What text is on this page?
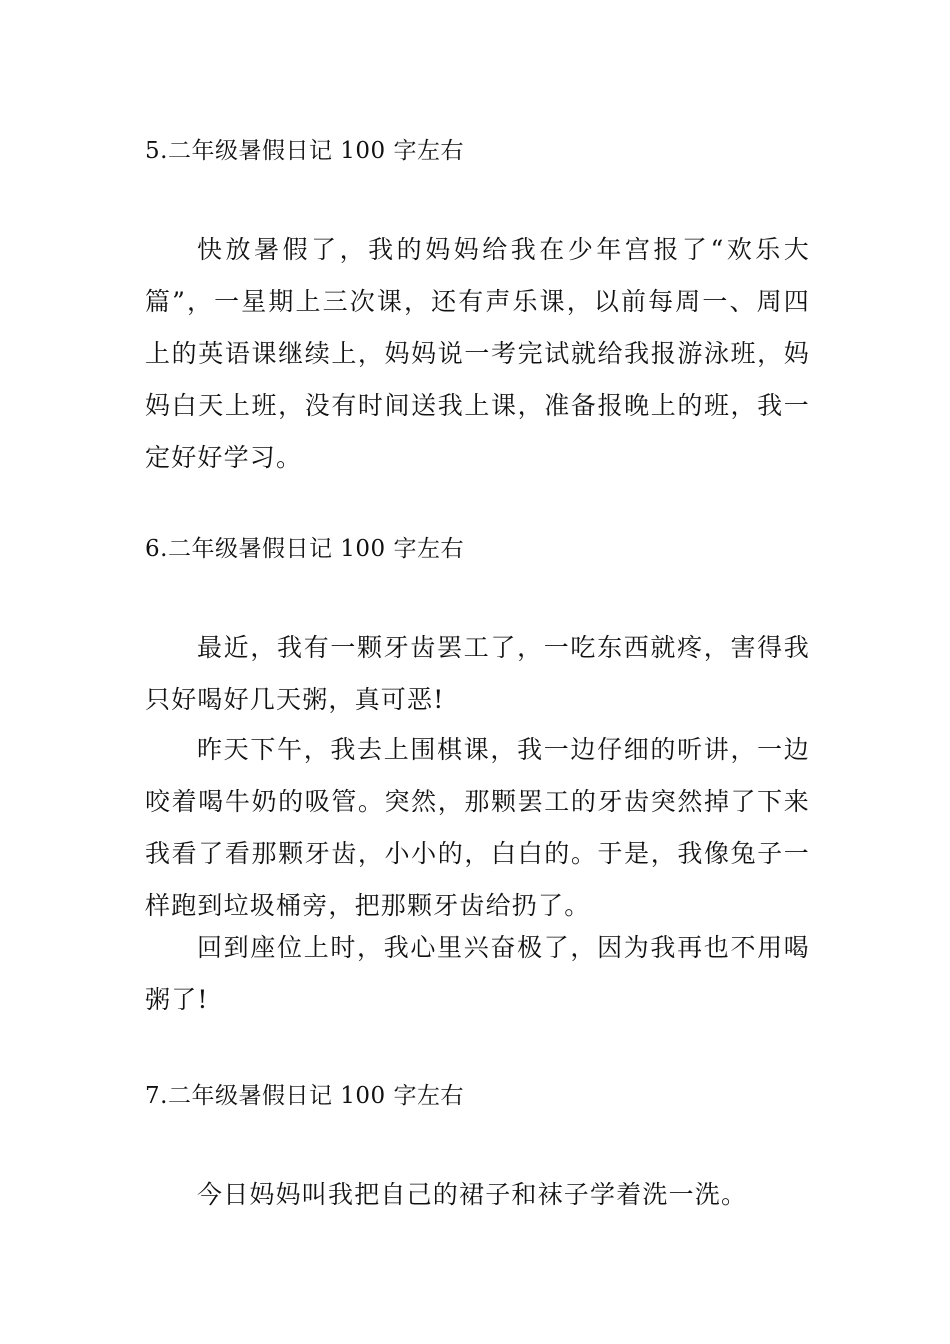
5.二年级暑假日记 100 字左右

快放暑假了，我的妈妈给我在少年宫报了“欢乐大篇”，一星期上三次课，还有声乐课，以前每周一、周四上的英语课继续上，妈妈说一考完试就给我报游泳班，妈妈白天上班，没有时间送我上课，准备报晚上的班，我一定好好学习。

6.二年级暑假日记 100 字左右

最近，我有一颗牙齿罢工了，一吃东西就疼，害得我只好喝好几天粥，真可恶!

昨天下午，我去上围棋课，我一边仔细的听讲，一边咬着喝牛奶的吸管。突然，那颗罢工的牙齿突然掉了下来我看了看那颗牙齿，小小的，白白的。于是，我像兔子一样跑到垃圾桶旁，把那颗牙齿给扔了。

回到座位上时，我心里兴奋极了，因为我再也不用喝粥了!

7.二年级暑假日记 100 字左右

今日妈妈叫我把自己的裙子和袜子学着洗一洗。
